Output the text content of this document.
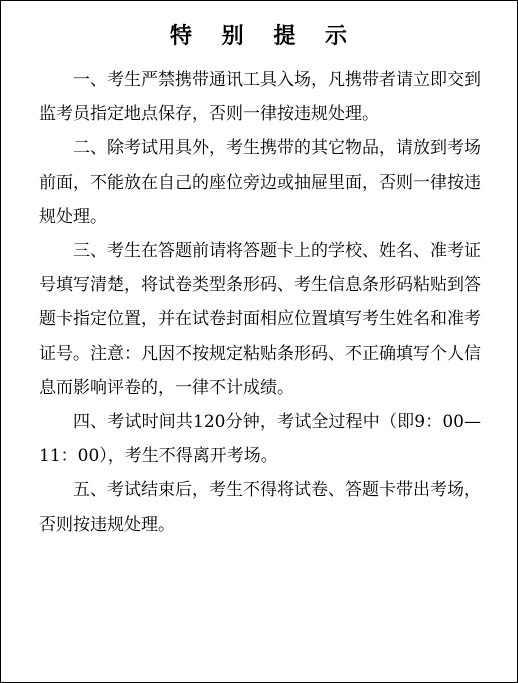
特 别 提 示

一、考生严禁携带通讯工具入场，凡携带者请立即交到监考员指定地点保存，否则一律按违规处理。

二、除考试用具外，考生携带的其它物品，请放到考场前面，不能放在自己的座位旁边或抽屉里面，否则一律按违规处理。

三、考生在答题前请将答题卡上的学校、姓名、准考证号填写清楚，将试卷类型条形码、考生信息条形码粘贴到答题卡指定位置，并在试卷封面相应位置填写考生姓名和准考证号。注意：凡因不按规定粘贴条形码、不正确填写个人信息而影响评卷的，一律不计成绩。

四、考试时间共120分钟，考试全过程中（即9：00—11：00），考生不得离开考场。

五、考试结束后，考生不得将试卷、答题卡带出考场，否则按违规处理。
